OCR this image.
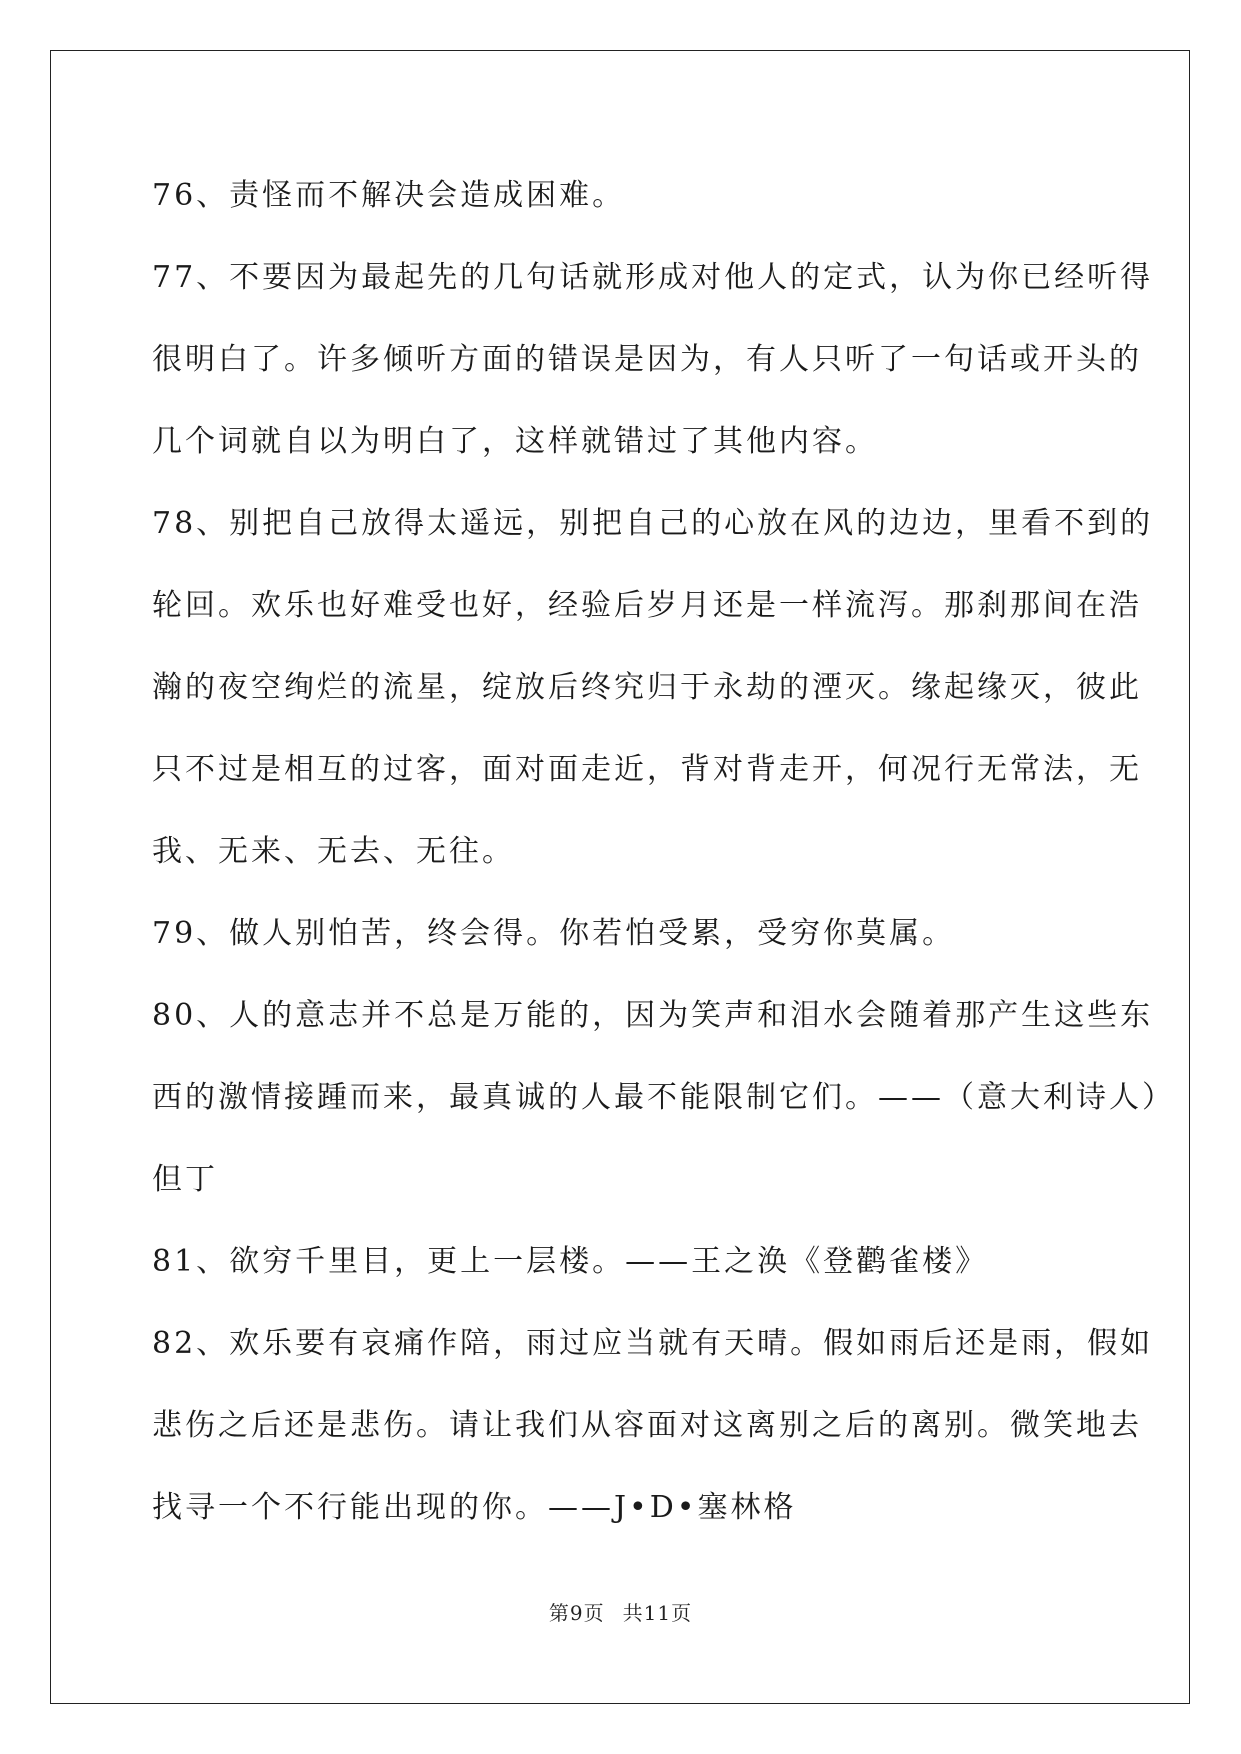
76、责怪而不解决会造成困难。

77、不要因为最起先的几句话就形成对他人的定式，认为你已经听得
很明白了。许多倾听方面的错误是因为，有人只听了一句话或开头的
几个词就自以为明白了，这样就错过了其他内容。

78、别把自己放得太遥远，别把自己的心放在风的边边，里看不到的
轮回。欢乐也好难受也好，经验后岁月还是一样流泻。那刹那间在浩
瀚的夜空绚烂的流星，绽放后终究归于永劫的湮灭。缘起缘灭，彼此
只不过是相互的过客，面对面走近，背对背走开，何况行无常法，无
我、无来、无去、无往。

79、做人别怕苦，终会得。你若怕受累，受穷你莫属。

80、人的意志并不总是万能的，因为笑声和泪水会随着那产生这些东
西的激情接踵而来，最真诚的人最不能限制它们。——（意大利诗人）
但丁

81、欲穷千里目，更上一层楼。——王之涣《登鹳雀楼》

82、欢乐要有哀痛作陪，雨过应当就有天晴。假如雨后还是雨，假如
悲伤之后还是悲伤。请让我们从容面对这离别之后的离别。微笑地去
找寻一个不行能出现的你。——J•D•塞林格

第9页 共11页
